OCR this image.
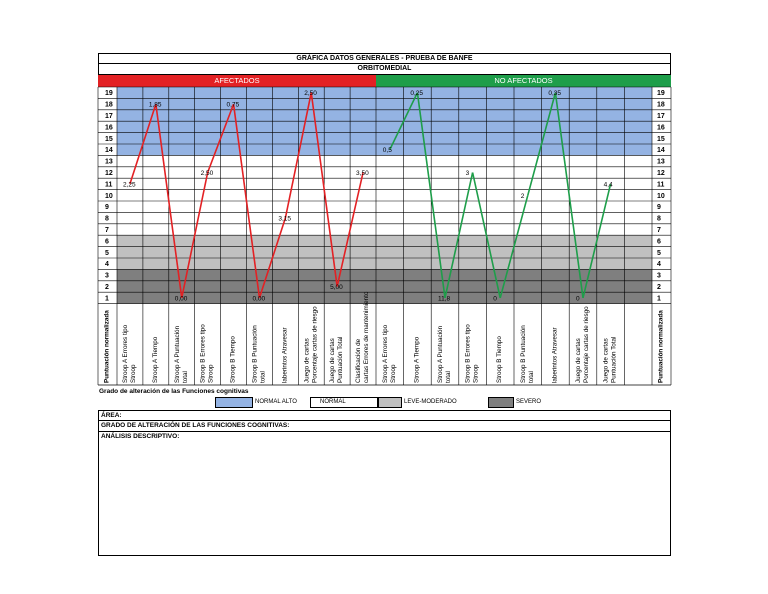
GRÁFICA DATOS GENERALES - PRUEBA DE BANFE
ORBITOMEDIAL
AFECTADOS	NO AFECTADOS
19	19
18	18
17	17
16	16
15	15
14	14
13	13
12	12
11	11
10	10
9	9
8	8
7	7
6	6
5	5
4	4
3	3
2	2
1	1
Puntuación normalizada	Puntuación normalizada
Stroop A Errores tipo Stroop	Stroop A Errores tipo Stroop
Stroop A Tiempo	Stroop A Tiempo
Stroop A Puntuación total	Stroop A Puntuación total
Stroop B Errores tipo Stroop	Stroop B Errores tipo Stroop
Stroop B Tiempo	Stroop B Tiempo
Stroop B Puntuación total	Stroop B Puntuación total
laberintos Atravesar	laberintos Atravesar
Juego de cartas Porcentaje cartas de riesgo	Juego de cartas Porcentaje cartas de riesgo
Juego de cartas Puntuación Total	Juego de cartas Puntuación Total
Clasificación de cartas Errores de mantenimiento
2,25
1,85
0,00
2,50
0,75
0,00
3,15
2,50
5,00
3,50
0,5
0,25
11,8
3
0
2
0,35
0
4,4
Grado de alteración de las Funciones cognitivas
NORMAL ALTO	NORMAL	LEVE-MODERADO	SEVERO
ÁREA:
GRADO DE ALTERACIÓN DE LAS FUNCIONES COGNITIVAS:
ANÁLISIS DESCRIPTIVO:
